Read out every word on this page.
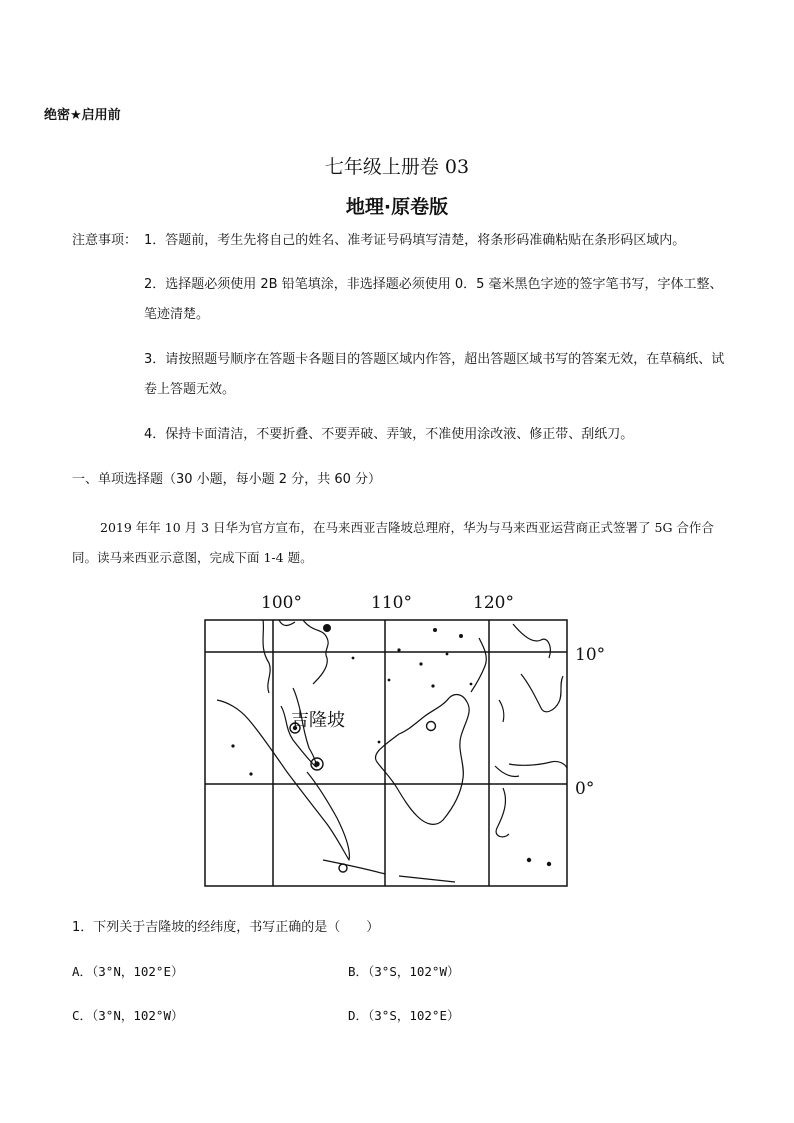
绝密★启用前
七年级上册卷 03
地理·原卷版
注意事项： 1．答题前，考生先将自己的姓名、准考证号码填写清楚，将条形码准确粘贴在条形码区域内。
2．选择题必须使用 2B 铅笔填涂，非选择题必须使用 0．5 毫米黑色字迹的签字笔书写，字体工整、笔迹清楚。
3．请按照题号顺序在答题卡各题目的答题区域内作答，超出答题区域书写的答案无效，在草稿纸、试卷上答题无效。
4．保持卡面清洁，不要折叠、不要弄破、弄皱，不准使用涂改液、修正带、刮纸刀。
一、单项选择题（30 小题，每小题 2 分，共 60 分）
2019 年年 10 月 3 日华为官方宣布，在马来西亚吉隆坡总理府，华为与马来西亚运营商正式签署了 5G 合作合同。读马来西亚示意图，完成下面 1-4 题。
100°	110°	120°
10°
0°
吉隆坡
1．下列关于吉隆坡的经纬度，书写正确的是（　　）
A．（3°N，102°E）	B．（3°S，102°W）
C．（3°N，102°W）	D．（3°S，102°E）
